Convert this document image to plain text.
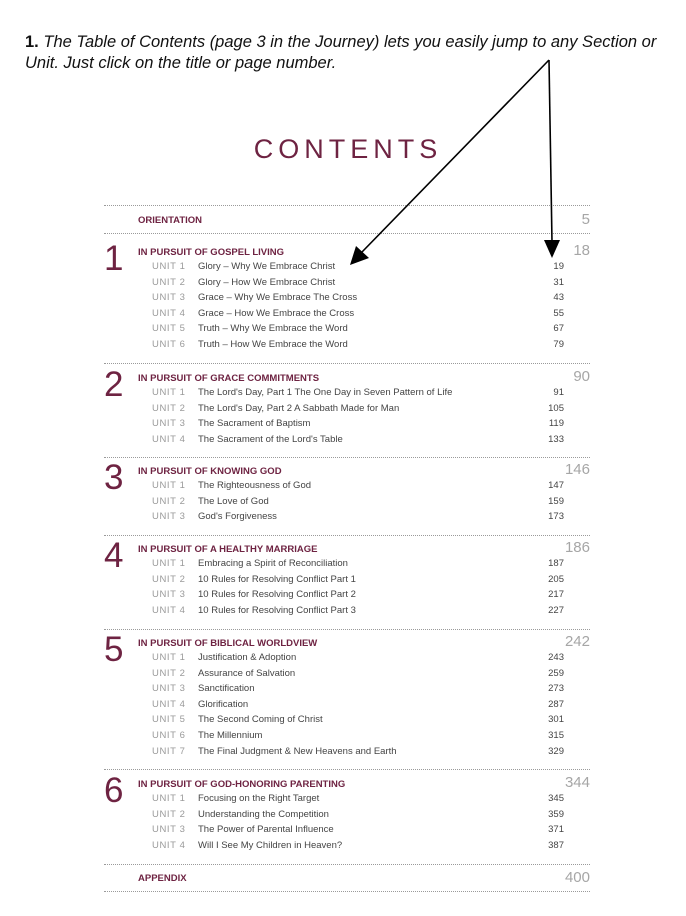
1. The Table of Contents (page 3 in the Journey) lets you easily jump to any Section or Unit. Just click on the title or page number.
CONTENTS
ORIENTATION	5
1 IN PURSUIT OF GOSPEL LIVING	18
UNIT 1 Glory – Why We Embrace Christ	19
UNIT 2 Glory – How We Embrace Christ	31
UNIT 3 Grace – Why We Embrace The Cross	43
UNIT 4 Grace – How We Embrace the Cross	55
UNIT 5 Truth – Why We Embrace the Word	67
UNIT 6 Truth – How We Embrace the Word	79
2 IN PURSUIT OF GRACE COMMITMENTS	90
UNIT 1 The Lord's Day, Part 1 The One Day in Seven Pattern of Life	91
UNIT 2 The Lord's Day, Part 2 A Sabbath Made for Man	105
UNIT 3 The Sacrament of Baptism	119
UNIT 4 The Sacrament of the Lord's Table	133
3 IN PURSUIT OF KNOWING GOD	146
UNIT 1 The Righteousness of God	147
UNIT 2 The Love of God	159
UNIT 3 God's Forgiveness	173
4 IN PURSUIT OF A HEALTHY MARRIAGE	186
UNIT 1 Embracing a Spirit of Reconciliation	187
UNIT 2 10 Rules for Resolving Conflict Part 1	205
UNIT 3 10 Rules for Resolving Conflict Part 2	217
UNIT 4 10 Rules for Resolving Conflict Part 3	227
5 IN PURSUIT OF BIBLICAL WORLDVIEW	242
UNIT 1 Justification & Adoption	243
UNIT 2 Assurance of Salvation	259
UNIT 3 Sanctification	273
UNIT 4 Glorification	287
UNIT 5 The Second Coming of Christ	301
UNIT 6 The Millennium	315
UNIT 7 The Final Judgment & New Heavens and Earth	329
6 IN PURSUIT OF GOD-HONORING PARENTING	344
UNIT 1 Focusing on the Right Target	345
UNIT 2 Understanding the Competition	359
UNIT 3 The Power of Parental Influence	371
UNIT 4 Will I See My Children in Heaven?	387
APPENDIX	400
